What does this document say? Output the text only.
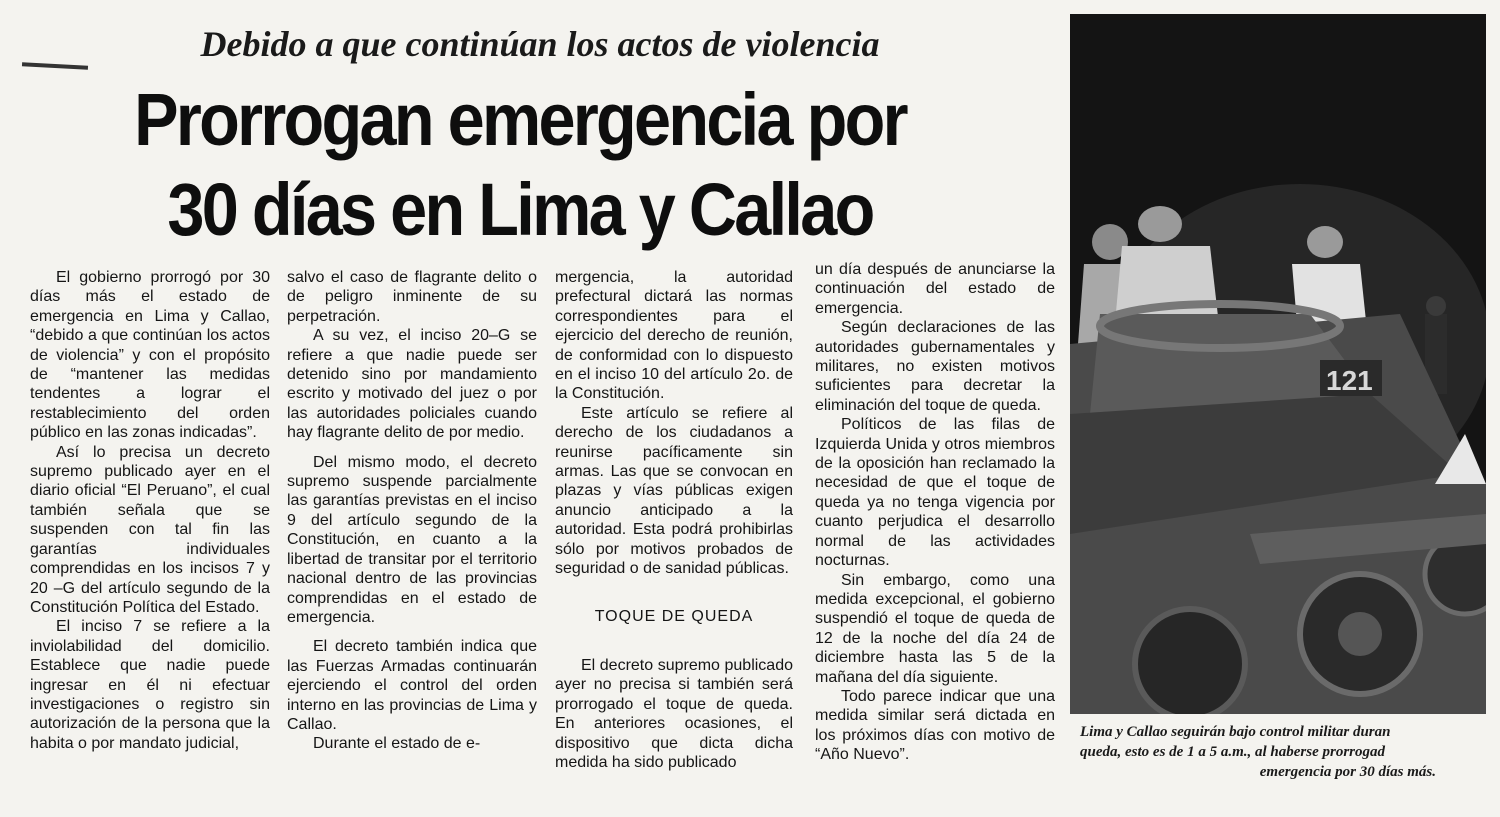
Debido a que continúan los actos de violencia
Prorrogan emergencia por
30 días en Lima y Callao

El gobierno prorrogó por 30 días más el estado de emergencia en Lima y Callao, “debido a que continúan los actos de violencia” y con el propósito de “mantener las medidas tendentes a lograr el restablecimiento del orden público en las zonas indicadas”.

Así lo precisa un decreto supremo publicado ayer en el diario oficial “El Peruano”, el cual también señala que se suspenden con tal fin las garantías individuales comprendidas en los incisos 7 y 20 –G del artículo segundo de la Constitución Política del Estado.

El inciso 7 se refiere a la inviolabilidad del domicilio. Establece que nadie puede ingresar en él ni efectuar investigaciones o registro sin autorización de la persona que la habita o por mandato judicial,

salvo el caso de flagrante delito o de peligro inminente de su perpetración.

A su vez, el inciso 20–G se refiere a que nadie puede ser detenido sino por mandamiento escrito y motivado del juez o por las autoridades policiales cuando hay flagrante delito de por medio.

Del mismo modo, el decreto supremo suspende parcialmente las garantías previstas en el inciso 9 del artículo segundo de la Constitución, en cuanto a la libertad de transitar por el territorio nacional dentro de las provincias comprendidas en el estado de emergencia.

El decreto también indica que las Fuerzas Armadas continuarán ejerciendo el control del orden interno en las provincias de Lima y Callao.

Durante el estado de e-

mergencia, la autoridad prefectural dictará las normas correspondientes para el ejercicio del derecho de reunión, de conformidad con lo dispuesto en el inciso 10 del artículo 2o. de la Constitución.

Este artículo se refiere al derecho de los ciudadanos a reunirse pacíficamente sin armas. Las que se convocan en plazas y vías públicas exigen anuncio anticipado a la autoridad. Esta podrá prohibirlas sólo por motivos probados de seguridad o de sanidad públicas.

TOQUE DE QUEDA

El decreto supremo publicado ayer no precisa si también será prorrogado el toque de queda. En anteriores ocasiones, el dispositivo que dicta dicha medida ha sido publicado

un día después de anunciarse la continuación del estado de emergencia.

Según declaraciones de las autoridades gubernamentales y militares, no existen motivos suficientes para decretar la eliminación del toque de queda.

Políticos de las filas de Izquierda Unida y otros miembros de la oposición han reclamado la necesidad de que el toque de queda ya no tenga vigencia por cuanto perjudica el desarrollo normal de las actividades nocturnas.

Sin embargo, como una medida excepcional, el gobierno suspendió el toque de queda de 12 de la noche del día 24 de diciembre hasta las 5 de la mañana del día siguiente.

Todo parece indicar que una medida similar será dictada en los próximos días con motivo de “Año Nuevo”.

121
Lima y Callao seguirán bajo control militar duran
queda, esto es de 1 a 5 a.m., al haberse prorrogad
emergencia por 30 días más.
